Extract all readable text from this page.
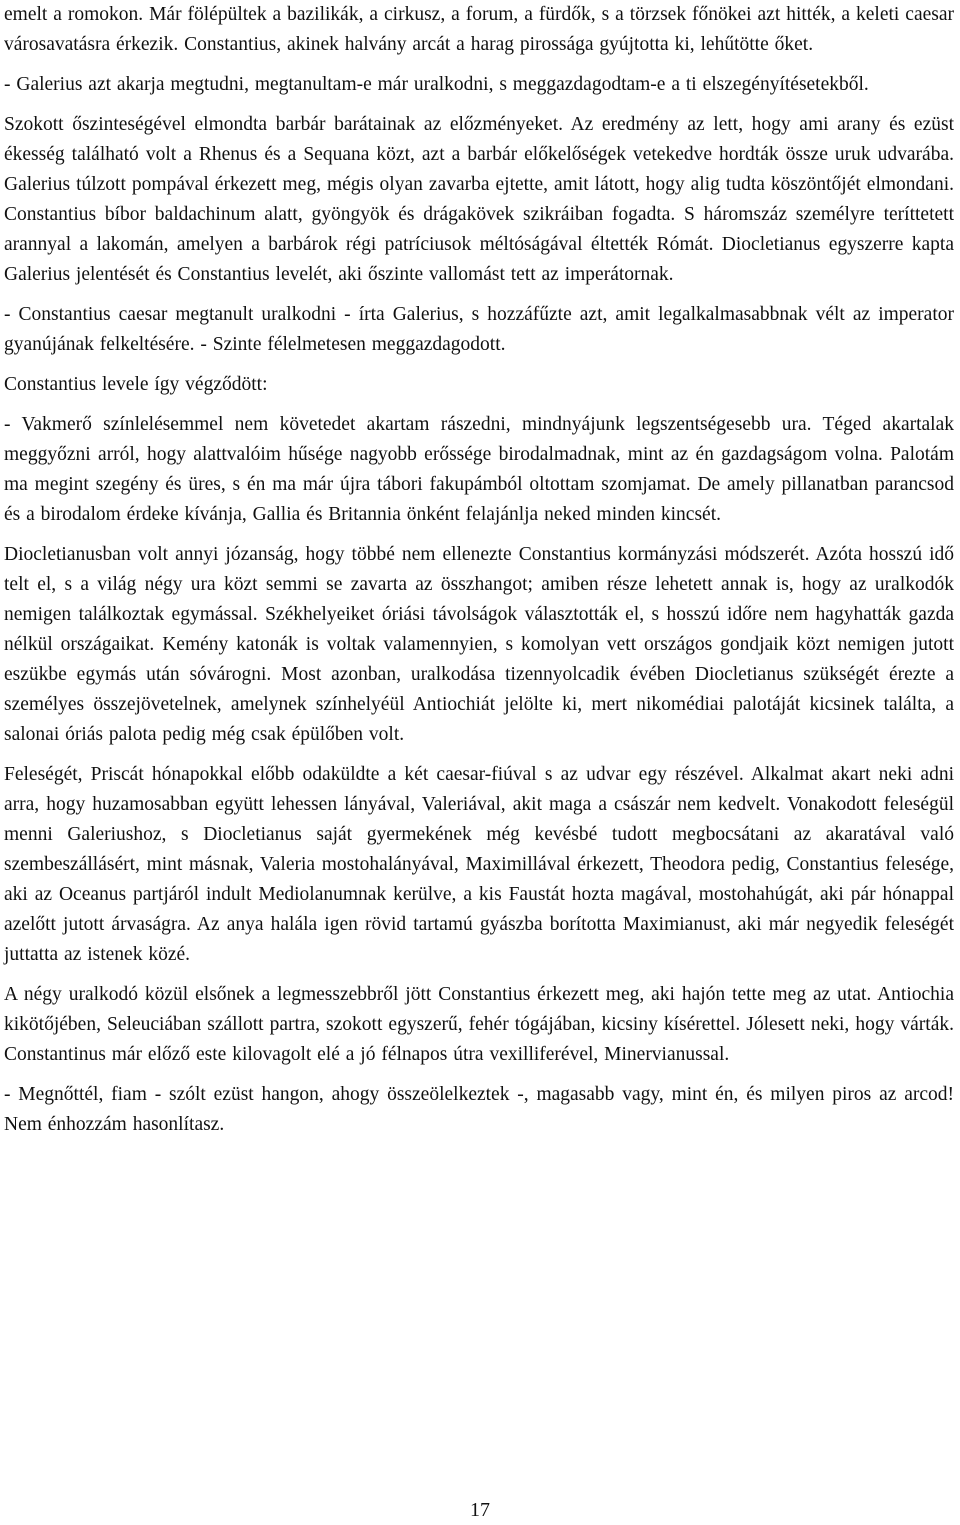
emelt a romokon. Már fölépültek a bazilikák, a cirkusz, a forum, a fürdők, s a törzsek főnökei azt hitték, a keleti caesar városavatásra érkezik. Constantius, akinek halvány arcát a harag pirossága gyújtotta ki, lehűtötte őket.

- Galerius azt akarja megtudni, megtanultam-e már uralkodni, s meggazdagodtam-e a ti elszegényítésetekből.

Szokott őszinteségével elmondta barbár barátainak az előzményeket. Az eredmény az lett, hogy ami arany és ezüst ékesség található volt a Rhenus és a Sequana közt, azt a barbár előkelőségek vetekedve hordták össze uruk udvarába. Galerius túlzott pompával érkezett meg, mégis olyan zavarba ejtette, amit látott, hogy alig tudta köszöntőjét elmondani. Constantius bíbor baldachinum alatt, gyöngyök és drágakövek szikráiban fogadta. S háromszáz személyre teríttetett arannyal a lakomán, amelyen a barbárok régi patríciusok méltóságával éltették Rómát. Diocletianus egyszerre kapta Galerius jelentését és Constantius levelét, aki őszinte vallomást tett az imperátornak.

- Constantius caesar megtanult uralkodni - írta Galerius, s hozzáfűzte azt, amit legalkalmasabbnak vélt az imperator gyanújának felkeltésére. - Szinte félelmetesen meggazdagodott.

Constantius levele így végződött:

- Vakmerő színlelésemmel nem követedet akartam rászedni, mindnyájunk legszentségesebb ura. Téged akartalak meggyőzni arról, hogy alattvalóim hűsége nagyobb erőssége birodalmadnak, mint az én gazdagságom volna. Palotám ma megint szegény és üres, s én ma már újra tábori fakupámból oltottam szomjamat. De amely pillanatban parancsod és a birodalom érdeke kívánja, Gallia és Britannia önként felajánlja neked minden kincsét.

Diocletianusban volt annyi józanság, hogy többé nem ellenezte Constantius kormányzási módszerét. Azóta hosszú idő telt el, s a világ négy ura közt semmi se zavarta az összhangot; amiben része lehetett annak is, hogy az uralkodók nemigen találkoztak egymással. Székhelyeiket óriási távolságok választották el, s hosszú időre nem hagyhatták gazda nélkül országaikat. Kemény katonák is voltak valamennyien, s komolyan vett országos gondjaik közt nemigen jutott eszükbe egymás után sóvárogni. Most azonban, uralkodása tizennyolcadik évében Diocletianus szükségét érezte a személyes összejövetelnek, amelynek színhelyéül Antiochiát jelölte ki, mert nikomédiai palotáját kicsinek találta, a salonai óriás palota pedig még csak épülőben volt.

Feleségét, Priscát hónapokkal előbb odaküldte a két caesar-fiúval s az udvar egy részével. Alkalmat akart neki adni arra, hogy huzamosabban együtt lehessen lányával, Valeriával, akit maga a császár nem kedvelt. Vonakodott feleségül menni Galeriushoz, s Diocletianus saját gyermekének még kevésbé tudott megbocsátani az akaratával való szembeszállásért, mint másnak, Valeria mostohalányával, Maximillával érkezett, Theodora pedig, Constantius felesége, aki az Oceanus partjáról indult Mediolanumnak kerülve, a kis Faustát hozta magával, mostohahúgát, aki pár hónappal azelőtt jutott árvaságra. Az anya halála igen rövid tartamú gyászba borította Maximianust, aki már negyedik feleségét juttatta az istenek közé.

A négy uralkodó közül elsőnek a legmesszebbről jött Constantius érkezett meg, aki hajón tette meg az utat. Antiochia kikötőjében, Seleuciában szállott partra, szokott egyszerű, fehér tógájában, kicsiny kísérettel. Jólesett neki, hogy várták. Constantinus már előző este kilovagolt elé a jó félnapos útra vexilliferével, Minervianussal.

- Megnőttél, fiam - szólt ezüst hangon, ahogy összeölelkeztek -, magasabb vagy, mint én, és milyen piros az arcod! Nem énhozzám hasonlítasz.

17
